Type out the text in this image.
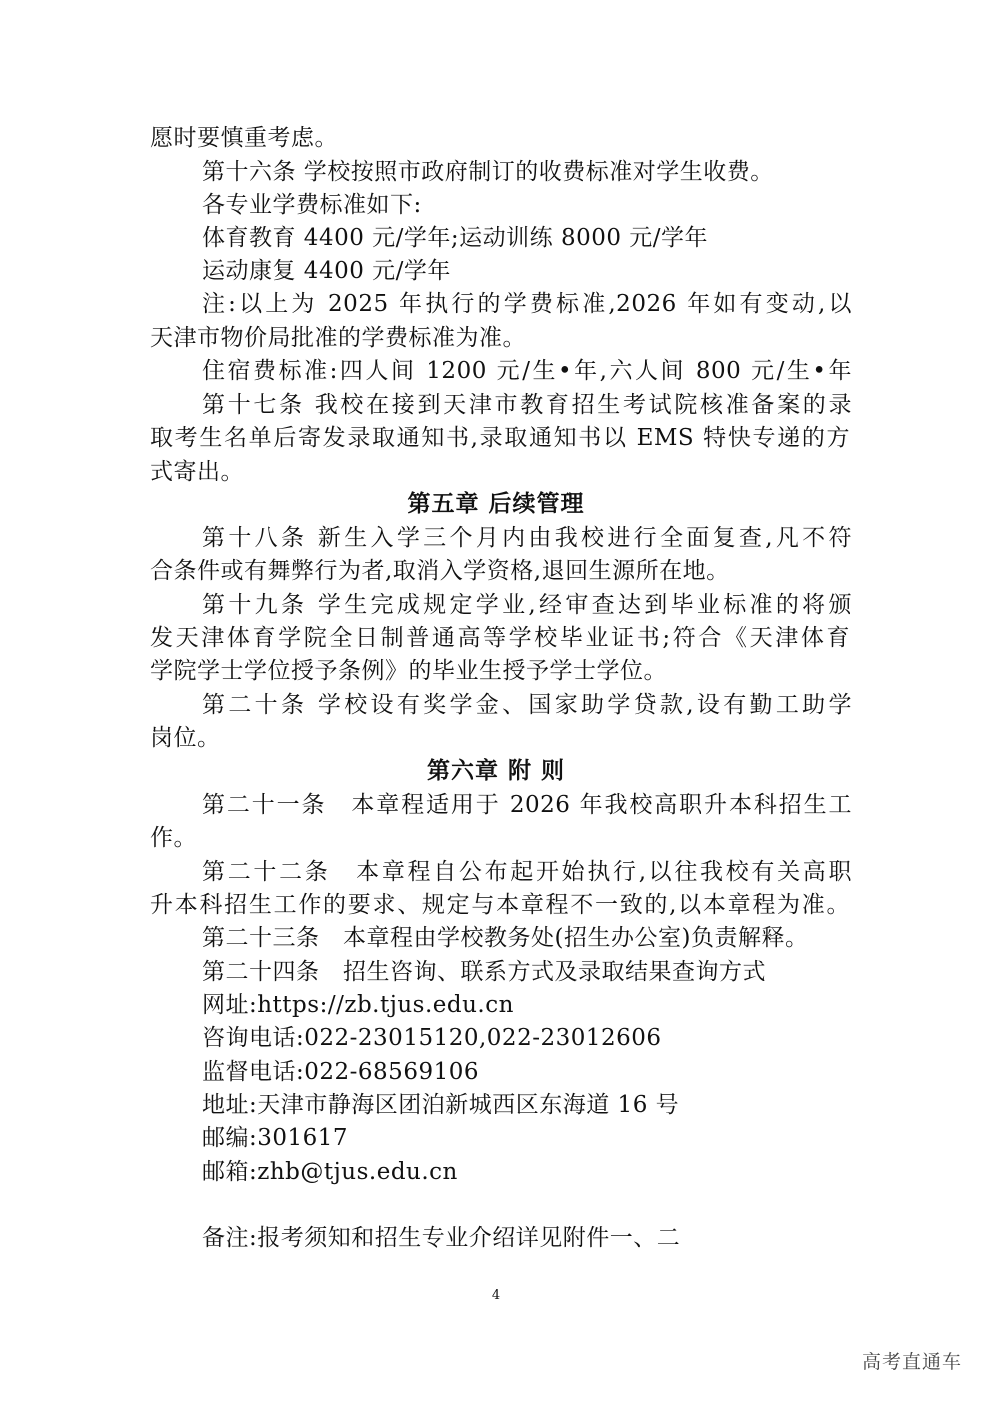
愿时要慎重考虑。
第十六条 学校按照市政府制订的收费标准对学生收费。
各专业学费标准如下:
体育教育 4400 元/学年;运动训练 8000 元/学年
运动康复 4400 元/学年
注:以上为 2025 年执行的学费标准,2026 年如有变动,以
天津市物价局批准的学费标准为准。
住宿费标准:四人间 1200 元/生•年,六人间 800 元/生•年
第十七条 我校在接到天津市教育招生考试院核准备案的录
取考生名单后寄发录取通知书,录取通知书以 EMS 特快专递的方
式寄出。
第五章 后续管理
第十八条 新生入学三个月内由我校进行全面复查,凡不符
合条件或有舞弊行为者,取消入学资格,退回生源所在地。
第十九条 学生完成规定学业,经审查达到毕业标准的将颁
发天津体育学院全日制普通高等学校毕业证书;符合《天津体育
学院学士学位授予条例》的毕业生授予学士学位。
第二十条 学校设有奖学金、国家助学贷款,设有勤工助学
岗位。
第六章 附 则
第二十一条　本章程适用于 2026 年我校高职升本科招生工
作。
第二十二条　本章程自公布起开始执行,以往我校有关高职
升本科招生工作的要求、规定与本章程不一致的,以本章程为准。
第二十三条　本章程由学校教务处(招生办公室)负责解释。
第二十四条　招生咨询、联系方式及录取结果查询方式
网址:https://zb.tjus.edu.cn
咨询电话:022-23015120,022-23012606
监督电话:022-68569106
地址:天津市静海区团泊新城西区东海道 16 号
邮编:301617
邮箱:zhb@tjus.edu.cn
备注:报考须知和招生专业介绍详见附件一、二
4
高考直通车
